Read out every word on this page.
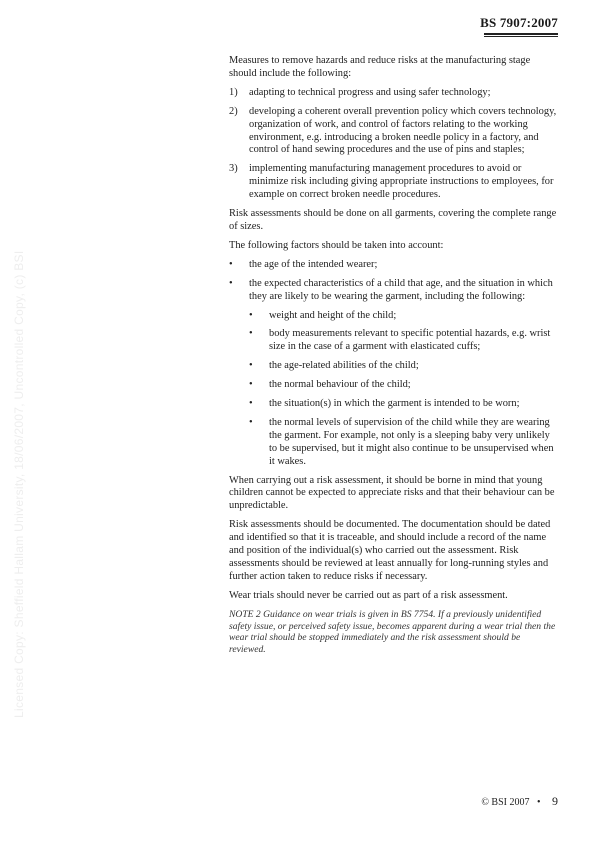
BS 7907:2007
Licensed Copy: Sheffield Hallam University, 18/06/2007, Uncontrolled Copy, (c) BSI

Measures to remove hazards and reduce risks at the manufacturing stage should include the following:

1)	adapting to technical progress and using safer technology;
2)	developing a coherent overall prevention policy which covers technology, organization of work, and control of factors relating to the working environment, e.g. introducing a broken needle policy in a factory, and control of hand sewing procedures and the use of pins and staples;
3)	implementing manufacturing management procedures to avoid or minimize risk including giving appropriate instructions to employees, for example on correct broken needle procedures.

Risk assessments should be done on all garments, covering the complete range of sizes.

The following factors should be taken into account:

•	the age of the intended wearer;
•	the expected characteristics of a child that age, and the situation in which they are likely to be wearing the garment, including the following:
•	weight and height of the child;
•	body measurements relevant to specific potential hazards, e.g. wrist size in the case of a garment with elasticated cuffs;
•	the age-related abilities of the child;
•	the normal behaviour of the child;
•	the situation(s) in which the garment is intended to be worn;
•	the normal levels of supervision of the child while they are wearing the garment. For example, not only is a sleeping baby very unlikely to be supervised, but it might also continue to be unsupervised when it wakes.

When carrying out a risk assessment, it should be borne in mind that young children cannot be expected to appreciate risks and that their behaviour can be unpredictable.

Risk assessments should be documented. The documentation should be dated and identified so that it is traceable, and should include a record of the name and position of the individual(s) who carried out the assessment. Risk assessments should be reviewed at least annually for long-running styles and further action taken to reduce risks if necessary.

Wear trials should never be carried out as part of a risk assessment.

NOTE 2 Guidance on wear trials is given in BS 7754. If a previously unidentified safety issue, or perceived safety issue, becomes apparent during a wear trial then the wear trial should be stopped immediately and the risk assessment should be reviewed.

© BSI 2007 • 9
